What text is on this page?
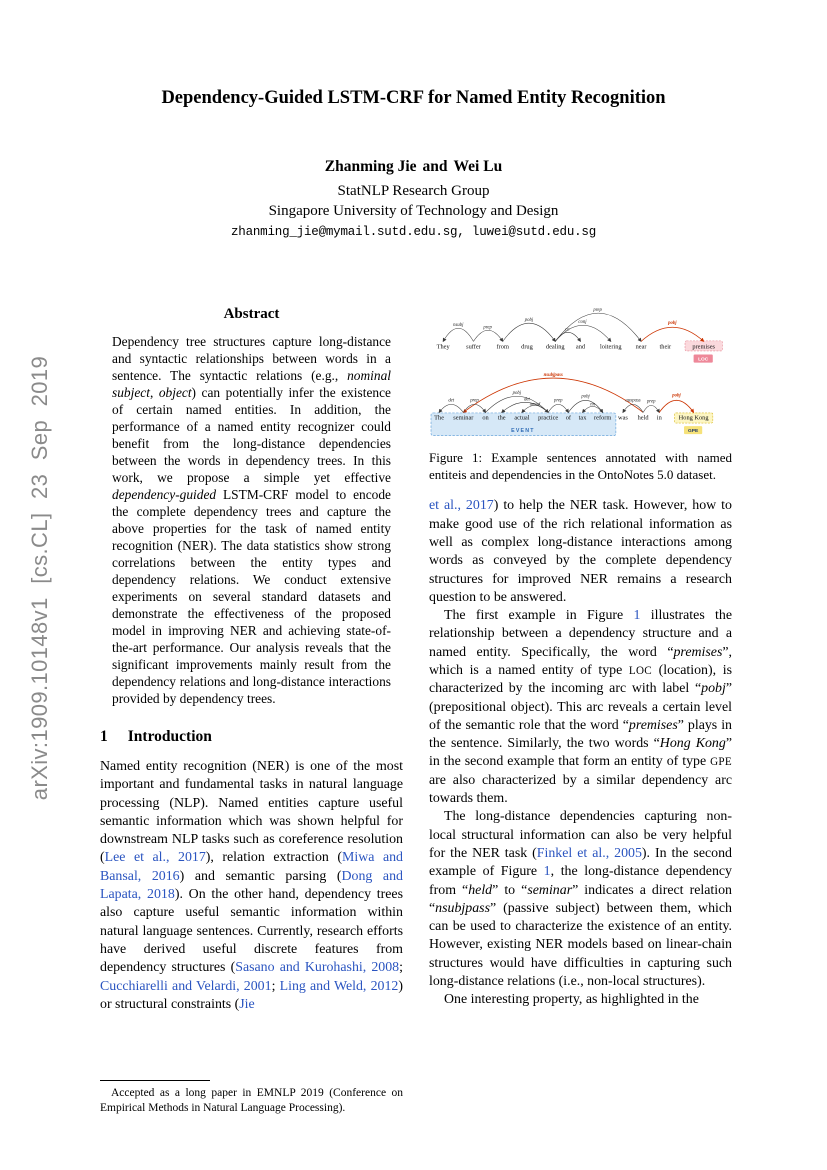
arXiv:1909.10148v1 [cs.CL] 23 Sep 2019
Dependency-Guided LSTM-CRF for Named Entity Recognition
Zhanming Jie and Wei Lu
StatNLP Research Group
Singapore University of Technology and Design
zhanming_jie@mymail.sutd.edu.sg, luwei@sutd.edu.sg
Abstract

Dependency tree structures capture long-distance and syntactic relationships between words in a sentence. The syntactic relations (e.g., nominal subject, object) can potentially infer the existence of certain named entities. In addition, the performance of a named entity recognizer could benefit from the long-distance dependencies between the words in dependency trees. In this work, we propose a simple yet effective dependency-guided LSTM-CRF model to encode the complete dependency trees and capture the above properties for the task of named entity recognition (NER). The data statistics show strong correlations between the entity types and dependency relations. We conduct extensive experiments on several standard datasets and demonstrate the effectiveness of the proposed model in improving NER and achieving state-of-the-art performance. Our analysis reveals that the significant improvements mainly result from the dependency relations and long-distance interactions provided by dependency trees.

1 Introduction

Named entity recognition (NER) is one of the most important and fundamental tasks in natural language processing (NLP). Named entities capture useful semantic information which was shown helpful for downstream NLP tasks such as coreference resolution (Lee et al., 2017), relation extraction (Miwa and Bansal, 2016) and semantic parsing (Dong and Lapata, 2018). On the other hand, dependency trees also capture useful semantic information within natural language sentences. Currently, research efforts have derived useful discrete features from dependency structures (Sasano and Kurohashi, 2008; Cucchiarelli and Velardi, 2001; Ling and Weld, 2012) or structural constraints (Jie

Accepted as a long paper in EMNLP 2019 (Conference on Empirical Methods in Natural Language Processing).

nsubj	prep
pobj
prep
cc
conj	pobj
They	suffer from drug dealing and loitering near their	premises
LOC
nsubjpass
det	prep
pobj
det
amod
prep
pobj
nn
auxpass prep
pobj
The seminar on the actual practice of tax reform was held in	Hong Kong
EVENT	GPE
Figure 1: Example sentences annotated with named entiteis and dependencies in the OntoNotes 5.0 dataset.

et al., 2017) to help the NER task. However, how to make good use of the rich relational information as well as complex long-distance interactions among words as conveyed by the complete dependency structures for improved NER remains a research question to be answered.

The first example in Figure 1 illustrates the relationship between a dependency structure and a named entity. Specifically, the word “premises”, which is a named entity of type LOC (location), is characterized by the incoming arc with label “pobj” (prepositional object). This arc reveals a certain level of the semantic role that the word “premises” plays in the sentence. Similarly, the two words “Hong Kong” in the second example that form an entity of type GPE are also characterized by a similar dependency arc towards them.

The long-distance dependencies capturing non-local structural information can also be very helpful for the NER task (Finkel et al., 2005). In the second example of Figure 1, the long-distance dependency from “held” to “seminar” indicates a direct relation “nsubjpass” (passive subject) between them, which can be used to characterize the existence of an entity. However, existing NER models based on linear-chain structures would have difficulties in capturing such long-distance relations (i.e., non-local structures).

One interesting property, as highlighted in the
